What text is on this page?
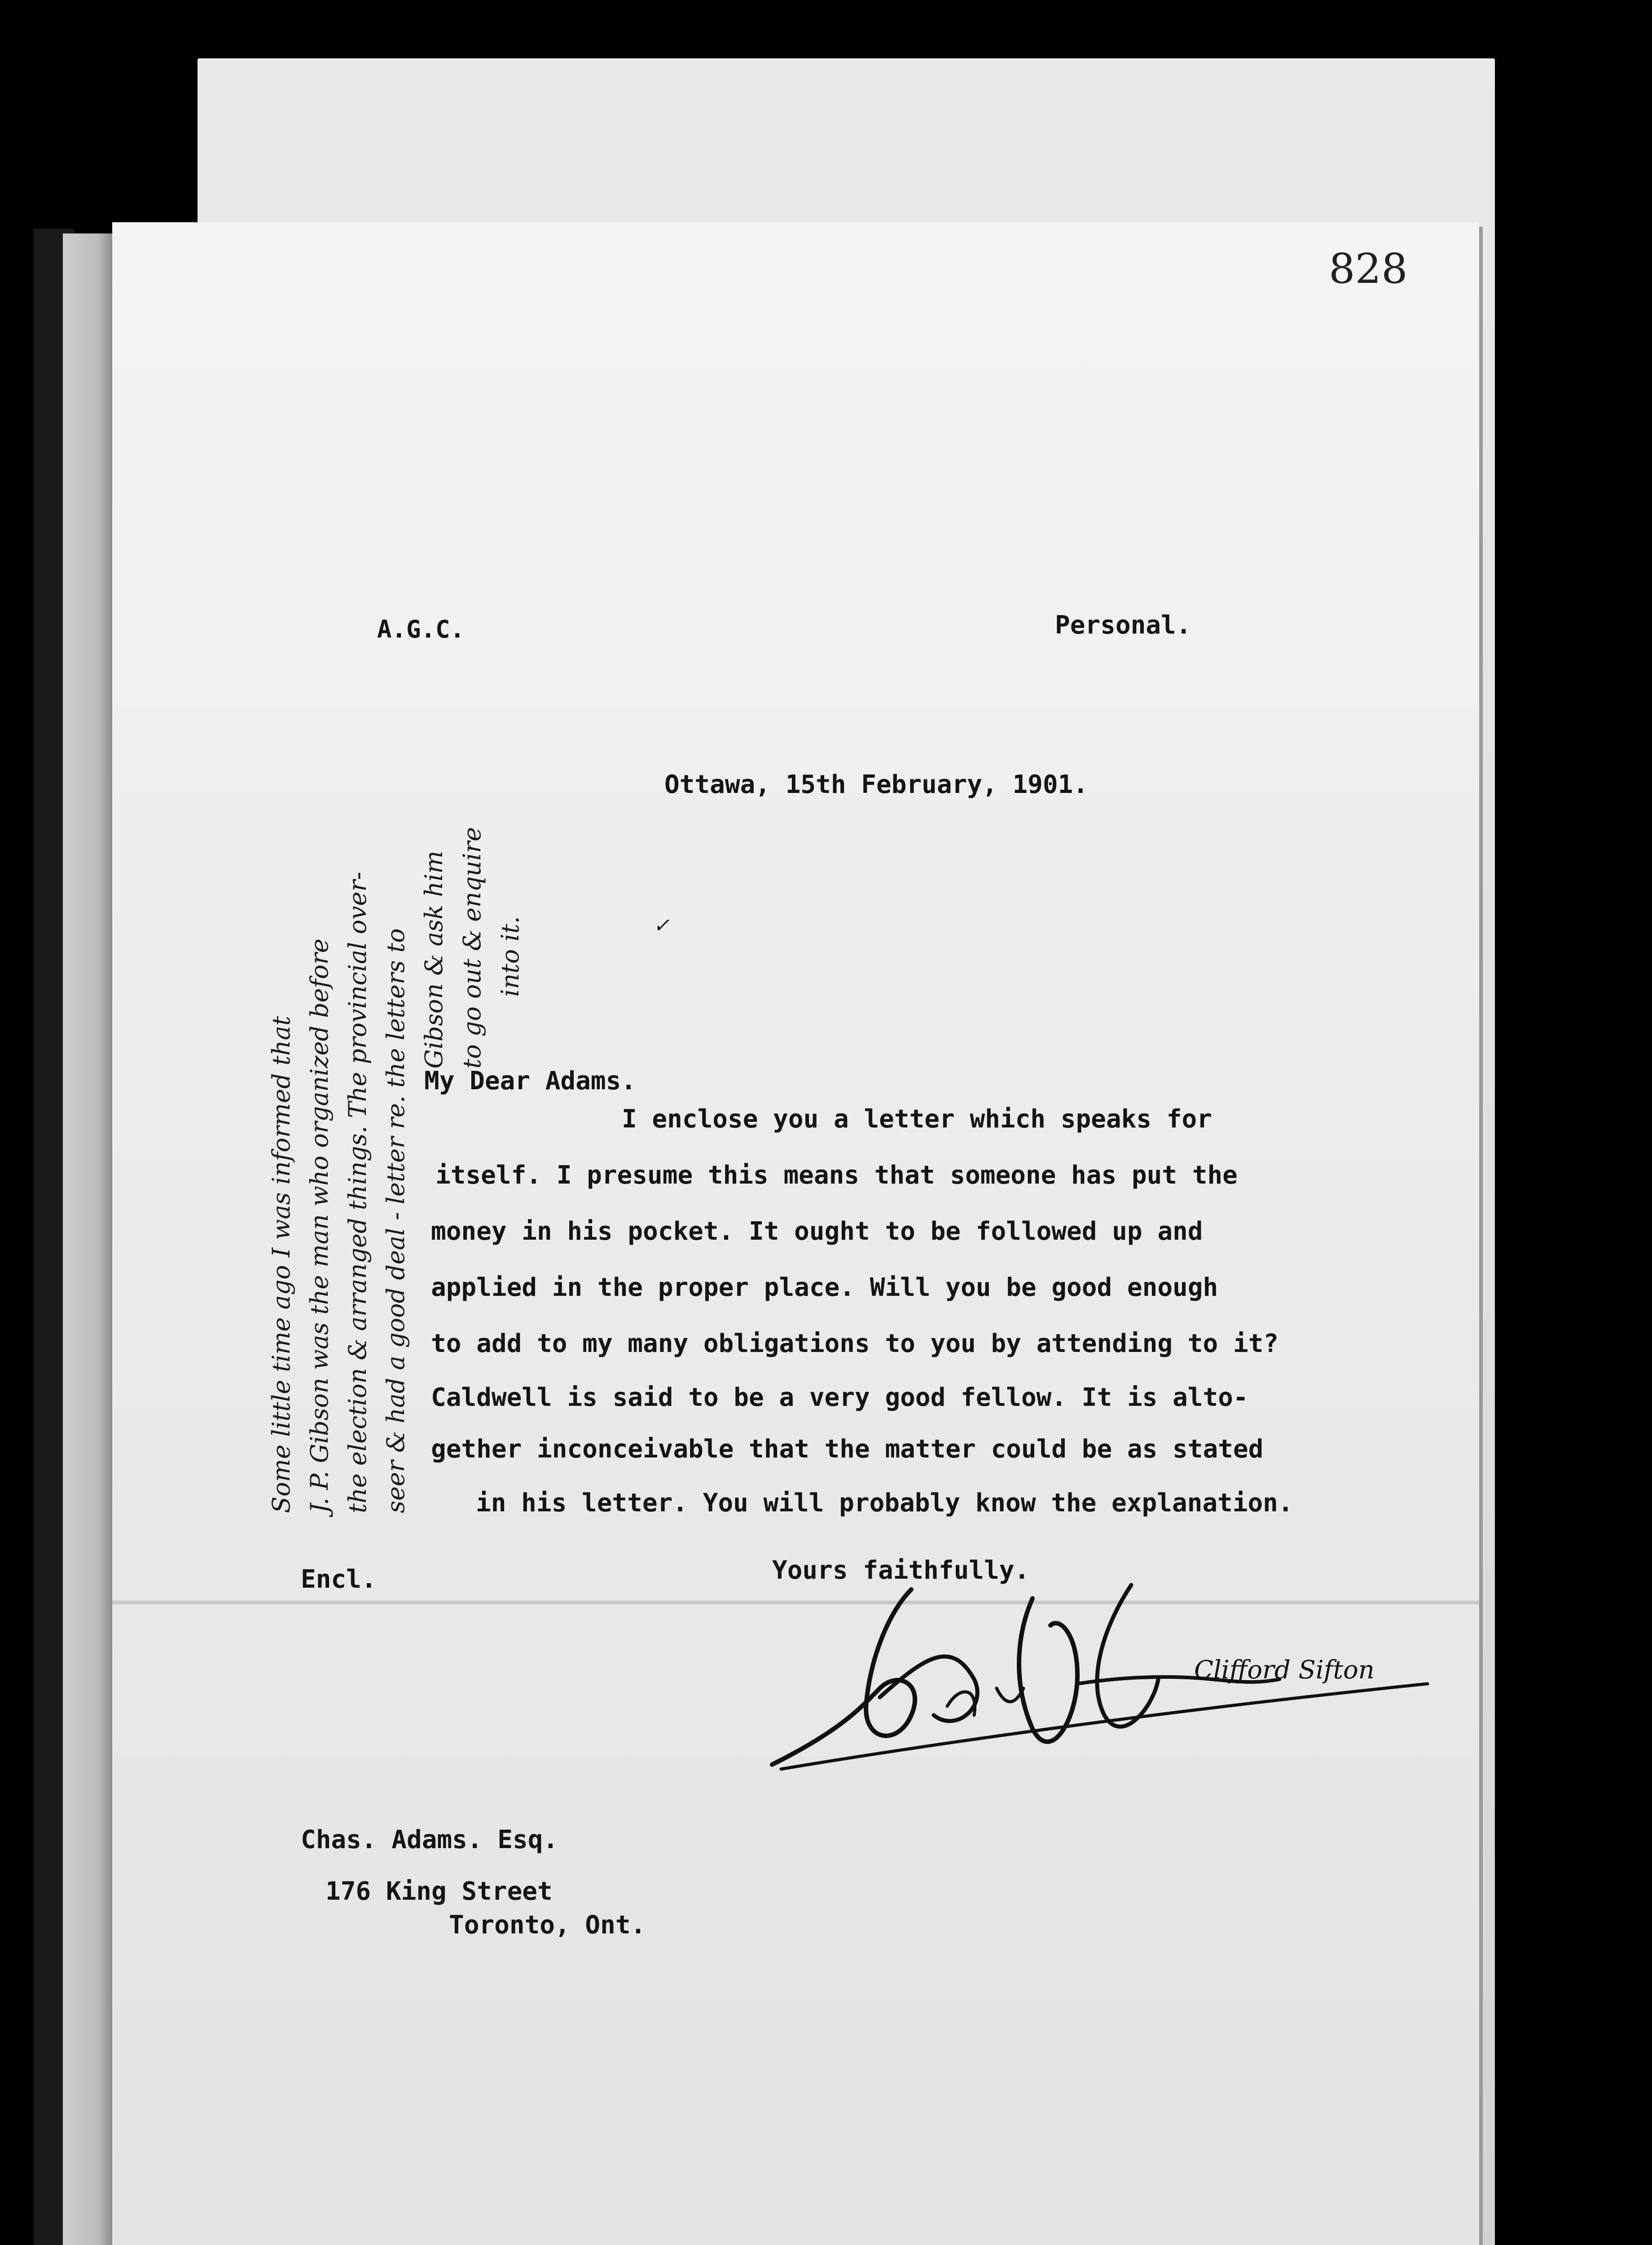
828
A.G.C.	Personal.
Ottawa, 15th February, 1901.
✓
My Dear Adams.
I enclose you a letter which speaks for
itself. I presume this means that someone has put the
money in his pocket. It ought to be followed up and
applied in the proper place. Will you be good enough
to add to my many obligations to you by attending to it?
Caldwell is said to be a very good fellow. It is alto-
gether inconceivable that the matter could be as stated
in his letter. You will probably know the explanation.
Encl.	Yours faithfully.
Clifford Sifton
Chas. Adams. Esq.
176 King Street
Toronto, Ont.
Some little time ago I was informed that J. P. Gibson was the man who organized before the election & arranged things. The provincial over- seer & had a good deal - letter re. the letters to Gibson & ask him to go out & enquire into it.
